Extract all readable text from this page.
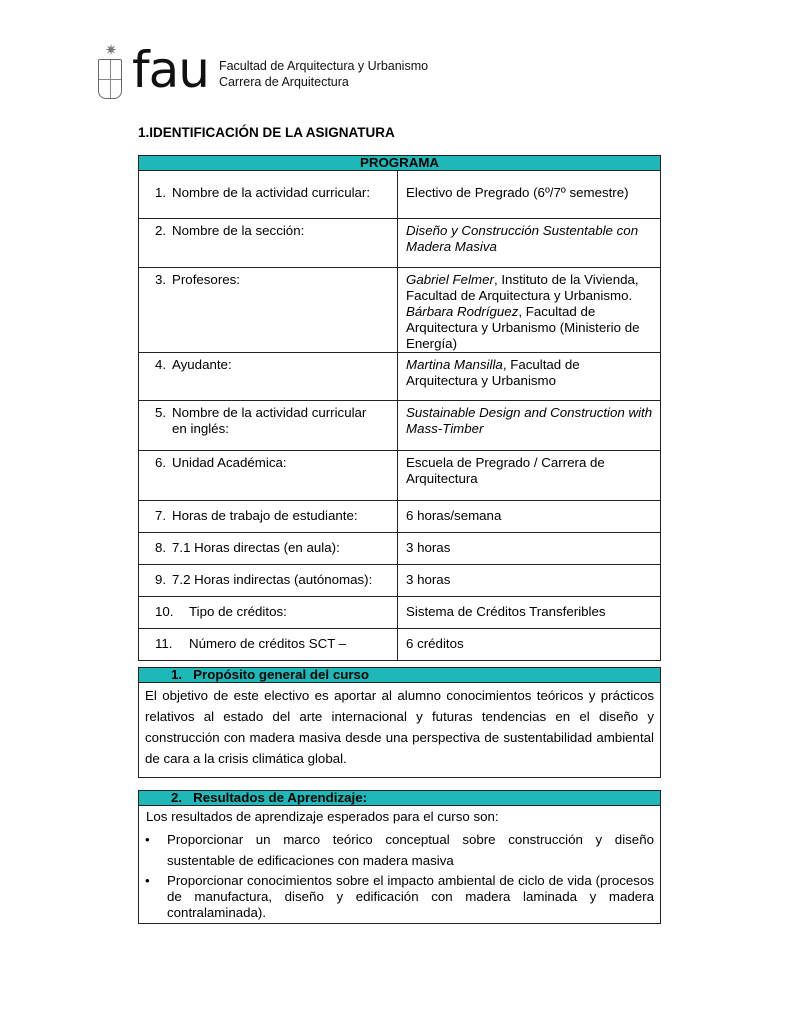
✷ fau Facultad de Arquitectura y Urbanismo
Carrera de Arquitectura
1.IDENTIFICACIÓN DE LA ASIGNATURA
PROGRAMA	

1. Nombre de la actividad curricular:	Electivo de Pregrado (6º/7º semestre)

2. Nombre de la sección:	Diseño y Construcción Sustentable con Madera Masiva
3. Profesores:	Gabriel Felmer, Instituto de la Vivienda, Facultad de Arquitectura y Urbanismo. Bárbara Rodríguez, Facultad de Arquitectura y Urbanismo (Ministerio de Energía)
4. Ayudante:	Martina Mansilla, Facultad de Arquitectura y Urbanismo
5. Nombre de la actividad curricular
en inglés:	Sustainable Design and Construction with Mass-Timber
6. Unidad Académica:	Escuela de Pregrado / Carrera de Arquitectura
7. Horas de trabajo de estudiante:	6 horas/semana
8. 7.1 Horas directas (en aula):	3 horas
9. 7.2 Horas indirectas (autónomas):	3 horas
10. Tipo de créditos:	Sistema de Créditos Transferibles
11. Número de créditos SCT –	6 créditos
1.   Propósito general del curso
El objetivo de este electivo es aportar al alumno conocimientos teóricos y prácticos relativos al estado del arte internacional y futuras tendencias en el diseño y construcción con madera masiva desde una perspectiva de sustentabilidad ambiental de cara a la crisis climática global.
2.   Resultados de Aprendizaje:

Los resultados de aprendizaje esperados para el curso son:
• Proporcionar un marco teórico conceptual sobre construcción y diseño sustentable de edificaciones con madera masiva
• Proporcionar conocimientos sobre el impacto ambiental de ciclo de vida (procesos de manufactura, diseño y edificación con madera laminada y madera contralaminada).
